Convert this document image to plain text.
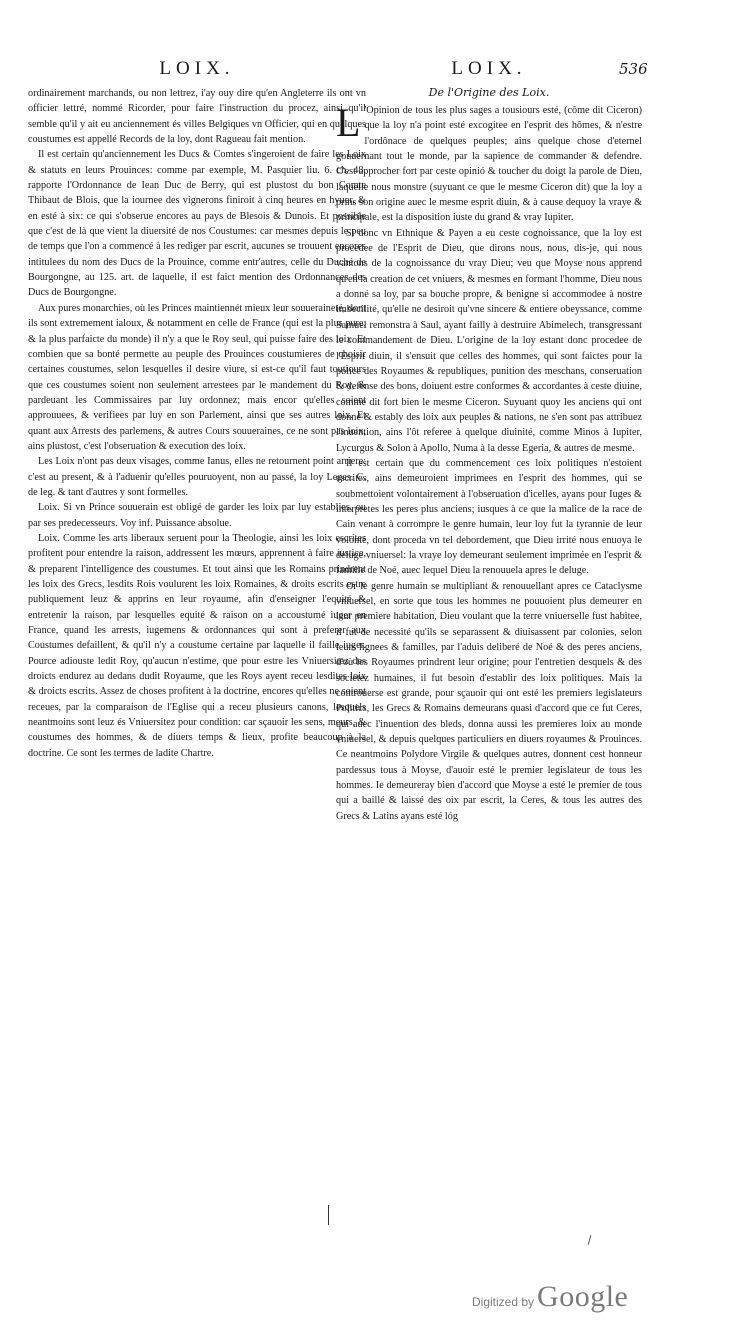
LOIX.

ordinairement marchands, ou non lettrez, i'ay ouy dire qu'en Angleterre ils ont vn officier lettré, nommé Ricorder, pour faire l'instruction du procez, ainsi qu'il semble qu'il y ait eu anciennement és villes Belgiques vn Officier, qui en quelques coustumes est appellé Records de la loy, dont Ragueau fait mention.

Il est certain qu'anciennement les Ducs & Comtes s'ingeroient de faire les Loix & statuts en leurs Prouinces: comme par exemple, M. Pasquier liu. 6. ch. 48. rapporte l'Ordonnance de Iean Duc de Berry, qui est plustost du bon Comte Thibaut de Blois, que la iournee des vignerons finiroit à cinq heures en hyuer, & en esté à six: ce qui s'obserue encores au pays de Blesois & Dunois. Et possible que c'est de là que vient la diuersité de nos Coustumes: car mesmes depuis le peu de temps que l'on a commencé à les rediger par escrit, aucunes se trouuent encores intitulees du nom des Ducs de la Prouince, comme entr'autres, celle du Duché de Bourgongne, au 125. art. de laquelle, il est faict mention des Ordonnances des Ducs de Bourgongne.

Aux pures monarchies, où les Princes maintiennét mieux leur souueraineté, dont ils sont extremement ialoux, & notamment en celle de France (qui est la plus pure, & la plus parfaicte du monde) il n'y a que le Roy seul, qui puisse faire des loix. Et combien que sa bonté permette au peuple des Prouinces coustumieres de choisir certaines coustumes, selon lesquelles il desire viure, si est-ce qu'il faut toutiours que ces coustumes soient non seulement arrestees par le mandement du Roy, & pardeuant les Commissaires par luy ordonnez; mais encor qu'elles soient approuuees, & verifiees par luy en son Parlement, ainsi que ses autres loix. Et quant aux Arrests des parlemens, & autres Cours souueraines, ce ne sont pas loix, ains plustost, c'est l'obseruation & execution des loix.

Les Loix n'ont pas deux visages, comme Ianus, elles ne retournent point arriere: c'est au present, & à l'aduenir qu'elles pouruoyent, non au passé, la loy Leges. C. de leg. & tant d'autres y sont formelles.

Loix. Si vn Prince souuerain est obligé de garder les loix par luy establies, ou par ses predecesseurs. Voy inf. Puissance absolue.

Loix. Comme les arts liberaux seruent pour la Theologie, ainsi les loix escrites profitent pour entendre la raison, addressent les mœurs, apprennent à faire iustice, & preparent l'intelligence des coustumes. Et tout ainsi que les Romains prindrent les loix des Grecs, lesdits Rois voulurent les loix Romaines, & droits escrits estre publiquement leuz & apprins en leur royaume, afin d'enseigner l'equité & entretenir la raison, par lesquelles equité & raison on a accoustumé iuger en France, quand les arrests, iugemens & ordonnances qui sont à preferer aux Coustumes defaillent, & qu'il n'y a coustume certaine par laquelle il faille iuger. Pource adiouste ledit Roy, qu'aucun n'estime, que pour estre les Vniuersitez des droicts endurez au dedans dudit Royaume, que les Roys ayent receu lesdites loix & droicts escrits. Assez de choses profitent à la doctrine, encores qu'elles ne soient receues, par la comparaison de l'Eglise qui a receu plusieurs canons, lesquels neantmoins sont leuz és Vniuersitez pour condition: car sçauoir les sens, meurs, & coustumes des hommes, & de diuers temps & lieux, profite beaucoup à la doctrine. Ce sont les termes de ladite Chartre.

LOIX.
De l'Origine des Loix.

L 'Opinion de tous les plus sages a tousiours esté, (côme dit Ciceron) que la loy n'a point esté excogitee en l'esprit des hômes, & n'estre l'ordônace de quelques peuples; ains quelque chose d'eternel gouuernant tout le monde, par la sapience de commander & defendre. C'est approcher fort par ceste opinió & toucher du doigt la parole de Dieu, laquelle nous monstre (suyuant ce que le mesme Ciceron dit) que la loy a prins son origine auec le mesme esprit diuin, & à cause dequoy la vraye & principale, est la disposition iuste du grand & vray Iupiter.

Si donc vn Ethnique & Payen a eu ceste cognoissance, que la loy est procedee de l'Esprit de Dieu, que dirons nous, nous, dis-je, qui nous vantons de la cognoissance du vray Dieu; veu que Moyse nous apprend qu'en la creation de cet vniuers, & mesmes en formant l'homme, Dieu nous a donné sa loy, par sa bouche propre, & benigne si accommodee à nostre imbecilité, qu'elle ne desiroit qu'vne sincere & entiere obeyssance, comme Samuel remonstra à Saul, ayant failly à destruire Abimelech, transgressant le commandement de Dieu. L'origine de la loy estant donc procedee de l'Esprit diuin, il s'ensuit que celles des hommes, qui sont faictes pour la police des Royaumes & republiques, punition des meschans, conseruation & defense des bons, doiuent estre conformes & accordantes à ceste diuine, comme dit fort bien le mesme Ciceron. Suyuant quoy les anciens qui ont donné & estably des loix aux peuples & nations, ne s'en sont pas attribuez l'inuention, ains l'ôt referee à quelque diuinité, comme Minos à Iupiter, Lycurgus & Solon à Apollo, Numa à la desse Egeria, & autres de mesme.

Il est certain que du commencement ces loix politiques n'estoient escrites, ains demeuroient imprimees en l'esprit des hommes, qui se soubmettoient volontairement à l'obseruation d'icelles, ayans pour Iuges & interpretes les peres plus anciens; iusques à ce que la malice de la race de Cain venant à corrompre le genre humain, leur loy fut la tyrannie de leur volonté, dont proceda vn tel debordement, que Dieu irrité nous enuoya le deluge vniuersel: la vraye loy demeurant seulement imprimée en l'esprit & famille de Noé, auec lequel Dieu la renouuela apres le deluge.

Or le genre humain se multipliant & renouuellant apres ce Cataclysme vniuersel, en sorte que tous les hommes ne pouuoient plus demeurer en leur premiere habitation, Dieu voulant que la terre vniuerselle fust habitee, il fut de necessité qu'ils se separassent & diuisassent par colonies, selon leurs lignees & familles, par l'aduis deliberé de Noé & des peres anciens, d'où les Royaumes prindrent leur origine; pour l'entretien desquels & des societez humaines, il fut besoin d'establir des loix politiques. Mais la controuerse est grande, pour sçauoir qui ont esté les premiers legislateurs Politics, les Grecs & Romains demeurans quasi d'accord que ce fut Ceres, qui auec l'inuention des bleds, donna aussi les premieres loix au monde vniuersel, & depuis quelques particuliers en diuers royaumes & Prouinces. Ce neantmoins Polydore Virgile & quelques autres, donnent cest honneur pardessus tous à Moyse, d'auoir esté le premier legislateur de tous les hommes. Ie demeureray bien d'accord que Moyse a esté le premier de tous qui a baillé & laissé des oix par escrit, la Ceres, & tous les autres des Grecs & Latins ayans esté lóg

536
Digitized by Google
